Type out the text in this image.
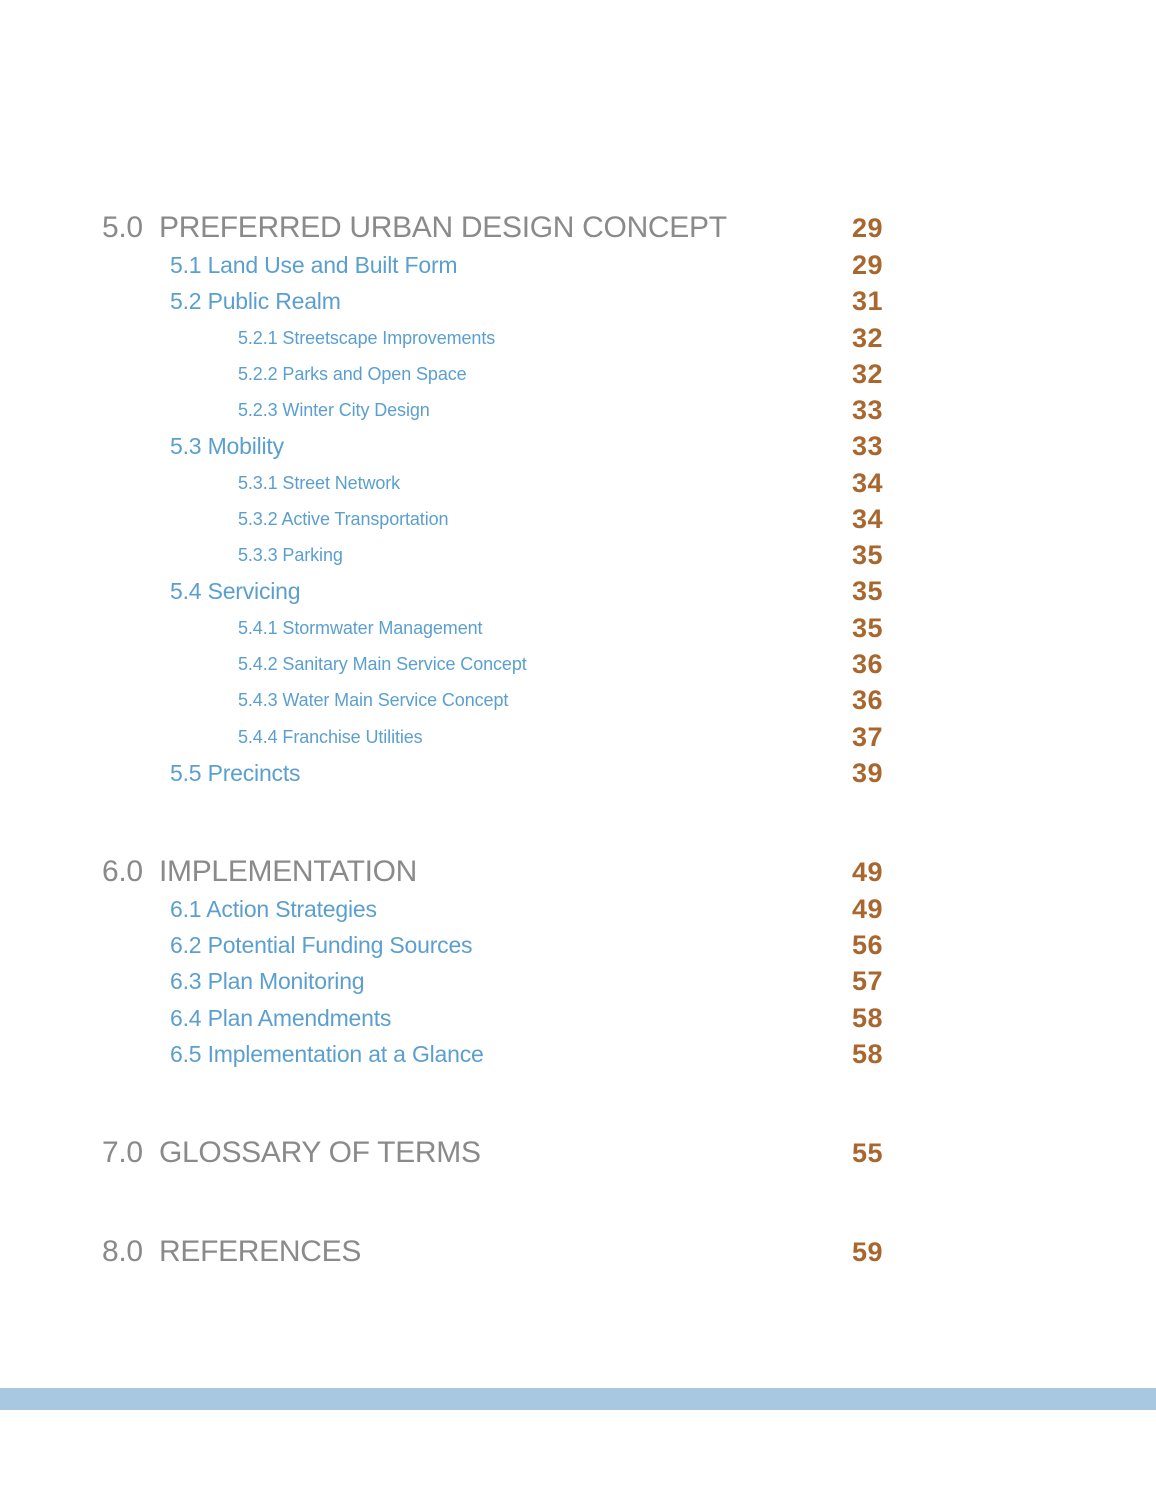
5.0 PREFERRED URBAN DESIGN CONCEPT	29
5.1 Land Use and Built Form	29
5.2 Public Realm	31
5.2.1 Streetscape Improvements	32
5.2.2 Parks and Open Space	32
5.2.3 Winter City Design	33
5.3 Mobility	33
5.3.1 Street Network	34
5.3.2 Active Transportation	34
5.3.3 Parking	35
5.4 Servicing	35
5.4.1 Stormwater Management	35
5.4.2 Sanitary Main Service Concept	36
5.4.3 Water Main Service Concept	36
5.4.4 Franchise Utilities	37
5.5 Precincts	39
6.0 IMPLEMENTATION	49
6.1 Action Strategies	49
6.2 Potential Funding Sources	56
6.3 Plan Monitoring	57
6.4 Plan Amendments	58
6.5 Implementation at a Glance	58
7.0 GLOSSARY OF TERMS	55
8.0 REFERENCES	59
